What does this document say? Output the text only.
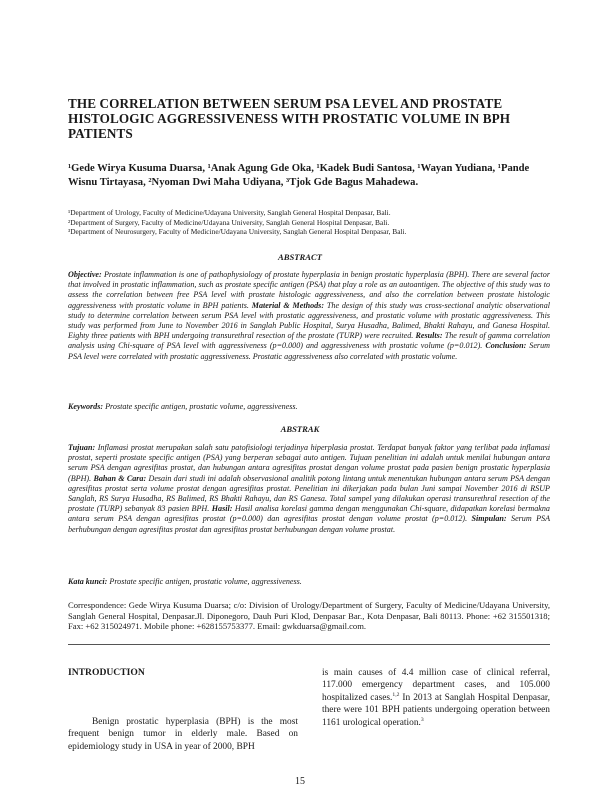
THE CORRELATION BETWEEN SERUM PSA LEVEL AND PROSTATE HISTOLOGIC AGGRESSIVENESS WITH PROSTATIC VOLUME IN BPH PATIENTS
¹Gede Wirya Kusuma Duarsa, ¹Anak Agung Gde Oka, ¹Kadek Budi Santosa, ¹Wayan Yudiana, ¹Pande Wisnu Tirtayasa, ²Nyoman Dwi Maha Udiyana, ³Tjok Gde Bagus Mahadewa.
¹Department of Urology, Faculty of Medicine/Udayana University, Sanglah General Hospital Denpasar, Bali.
²Department of Surgery, Faculty of Medicine/Udayana University, Sanglah General Hospital Denpasar, Bali.
³Department of Neurosurgery, Faculty of Medicine/Udayana University, Sanglah General Hospital Denpasar, Bali.
ABSTRACT
Objective: Prostate inflammation is one of pathophysiology of prostate hyperplasia in benign prostatic hyperplasia (BPH). There are several factor that involved in prostatic inflammation, such as prostate specific antigen (PSA) that play a role as an autoantigen. The objective of this study was to assess the correlation between free PSA level with prostate histologic aggressiveness, and also the correlation between prostate histologic aggressiveness with prostatic volume in BPH patients. Material & Methods: The design of this study was cross-sectional analytic observational study to determine correlation between serum PSA level with prostatic aggressiveness, and prostatic volume with prostatic aggressiveness. This study was performed from June to November 2016 in Sanglah Public Hospital, Surya Husadha, Balimed, Bhakti Rahayu, and Ganesa Hospital. Eighty three patients with BPH undergoing transurethral resection of the prostate (TURP) were recruited. Results: The result of gamma correlation analysis using Chi-square of PSA level with aggressiveness (p=0.000) and aggressiveness with prostatic volume (p=0.012). Conclusion: Serum PSA level were correlated with prostatic aggressiveness. Prostatic aggressiveness also correlated with prostatic volume.
Keywords: Prostate specific antigen, prostatic volume, aggressiveness.
ABSTRAK
Tujuan: Inflamasi prostat merupakan salah satu patofisiologi terjadinya hiperplasia prostat. Terdapat banyak faktor yang terlibat pada inflamasi prostat, seperti prostate specific antigen (PSA) yang berperan sebagai auto antigen. Tujuan penelitian ini adalah untuk menilai hubungan antara serum PSA dengan agresifitas prostat, dan hubungan antara agresifitas prostat dengan volume prostat pada pasien benign prostatic hyperplasia (BPH). Bahan & Cara: Desain dari studi ini adalah observasional analitik potong lintang untuk menentukan hubungan antara serum PSA dengan agresifitas prostat serta volume prostat dengan agresifitas prostat. Penelitian ini dikerjakan pada bulan Juni sampai November 2016 di RSUP Sanglah, RS Surya Husadha, RS Balimed, RS Bhakti Rahayu, dan RS Ganesa. Total sampel yang dilakukan operasi transurethral resection of the prostate (TURP) sebanyak 83 pasien BPH. Hasil: Hasil analisa korelasi gamma dengan menggunakan Chi-square, didapatkan korelasi bermakna antara serum PSA dengan agresifitas prostat (p=0.000) dan agresifitas prostat dengan volume prostat (p=0.012). Simpulan: Serum PSA berhubungan dengan agresifitas prostat dan agresifitas prostat berhubungan dengan volume prostat.
Kata kunci: Prostate specific antigen, prostatic volume, aggressiveness.
Correspondence: Gede Wirya Kusuma Duarsa; c/o: Division of Urology/Department of Surgery, Faculty of Medicine/Udayana University, Sanglah General Hospital, Denpasar.Jl. Diponegoro, Dauh Puri Klod, Denpasar Bar., Kota Denpasar, Bali 80113. Phone: +62 315501318; Fax: +62 315024971. Mobile phone: +628155753377. Email: gwkduarsa@gmail.com.
INTRODUCTION
Benign prostatic hyperplasia (BPH) is the most frequent benign tumor in elderly male. Based on epidemiology study in USA in year of 2000, BPH
is main causes of 4.4 million case of clinical referral, 117.000 emergency department cases, and 105.000 hospitalized cases.$^{1,2}$ In 2013 at Sanglah Hospital Denpasar, there were 101 BPH patients undergoing operation between 1161 urological operation.$^3$
15
